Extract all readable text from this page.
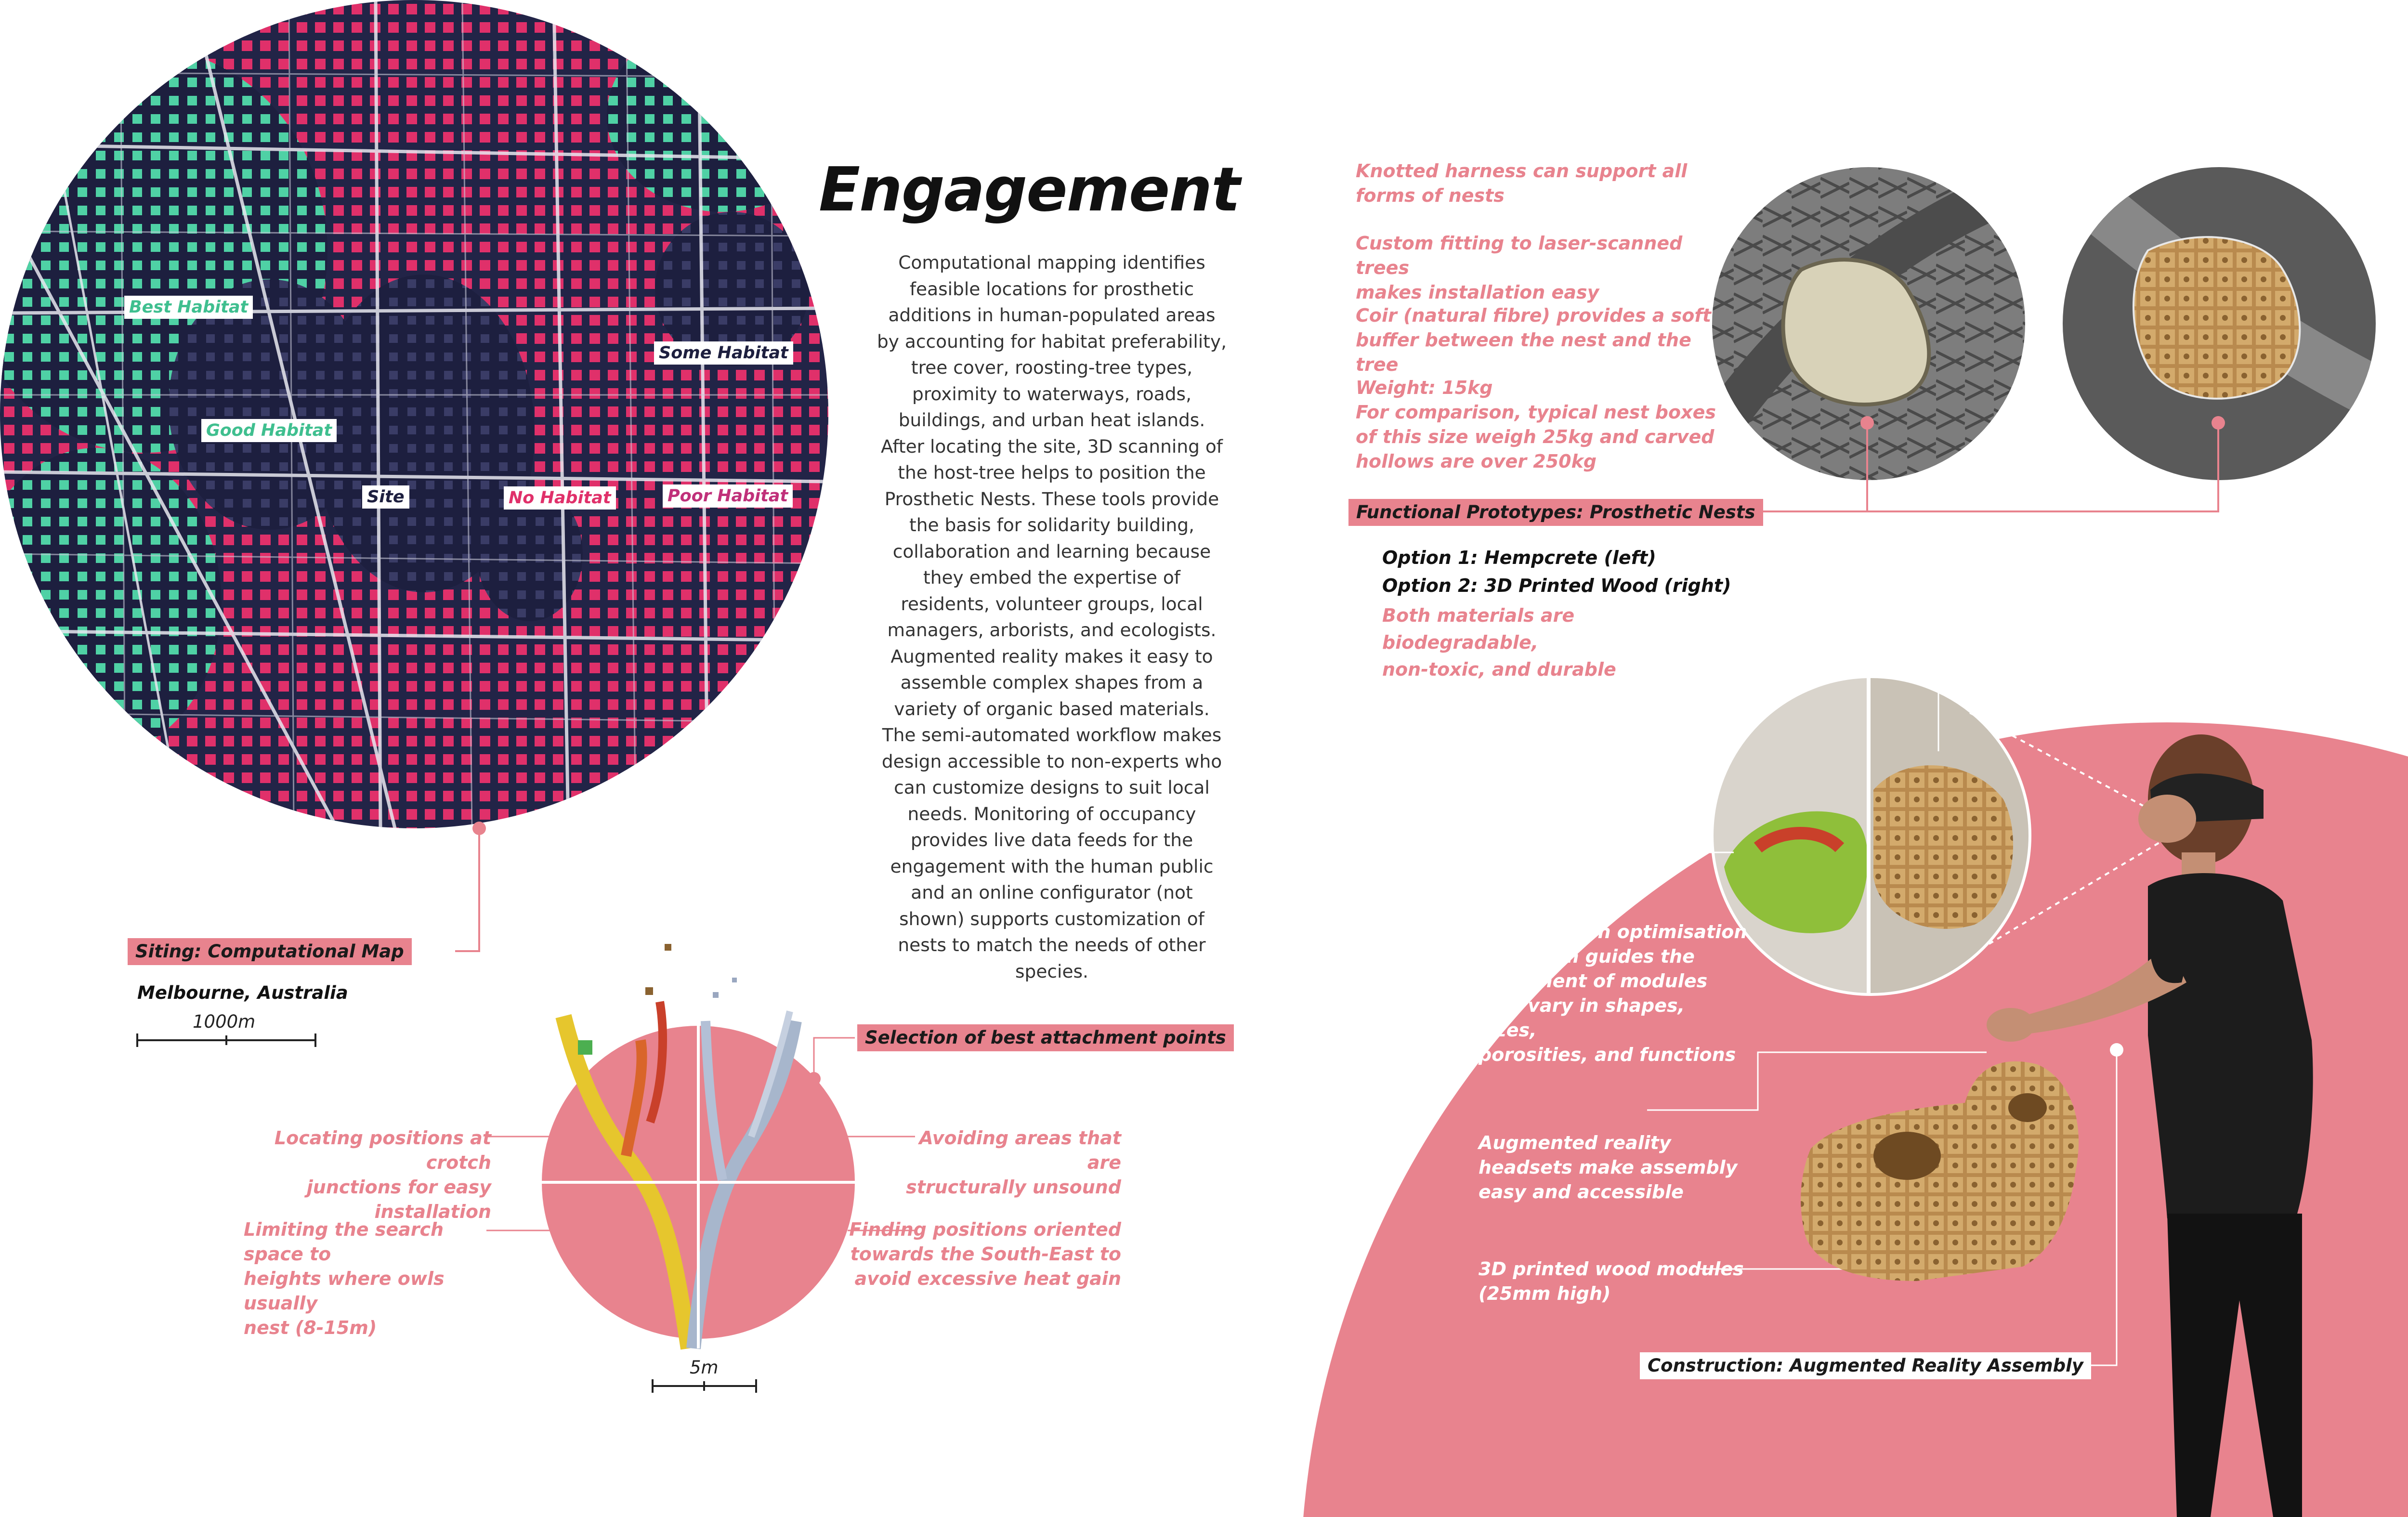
Engagement
Computational mapping identifies feasible locations for prosthetic additions in human-populated areas by accounting for habitat preferability, tree cover, roosting-tree types, proximity to waterways, roads, buildings, and urban heat islands. After locating the site, 3D scanning of the host-tree helps to position the Prosthetic Nests. These tools provide the basis for solidarity building, collaboration and learning because they embed the expertise of residents, volunteer groups, local managers, arborists, and ecologists. Augmented reality makes it easy to assemble complex shapes from a variety of organic based materials. The semi-automated workflow makes design accessible to non-experts who can customize designs to suit local needs. Monitoring of occupancy provides live data feeds for the engagement with the human public and an online configurator (not shown) supports customization of nests to match the needs of other species.
Best Habitat
Good Habitat
Some Habitat
Site	No Habitat	Poor Habitat
Siting: Computational Map
Melbourne, Australia
1000m
Selection of best attachment points
Locating positions at crotch
junctions for easy installation
Limiting the search space to
heights where owls usually
nest (8-15m)
Avoiding areas that are
structurally unsound
Finding positions oriented
towards the South-East to
avoid excessive heat gain
5m
Knotted harness can support all
forms of nests
Custom fitting to laser-scanned trees
makes installation easy
Coir (natural fibre) provides a soft
buffer between the nest and the tree
Weight: 15kg
For comparison, typical nest boxes
of this size weigh 25kg and carved
hollows are over 250kg
Functional Prototypes: Prosthetic Nests
Option 1: Hempcrete (left)
Option 2: 3D Printed Wood (right)
Both materials are biodegradable,
non-toxic, and durable
Wearer’s point of view without
digital overlay
Construction optimisation
algorithm guides the
placement of modules
that vary in shapes, sizes,
porosities, and functions
Augmented reality
headsets make assembly
easy and accessible
3D printed wood modules
(25mm high)
Construction: Augmented Reality Assembly
